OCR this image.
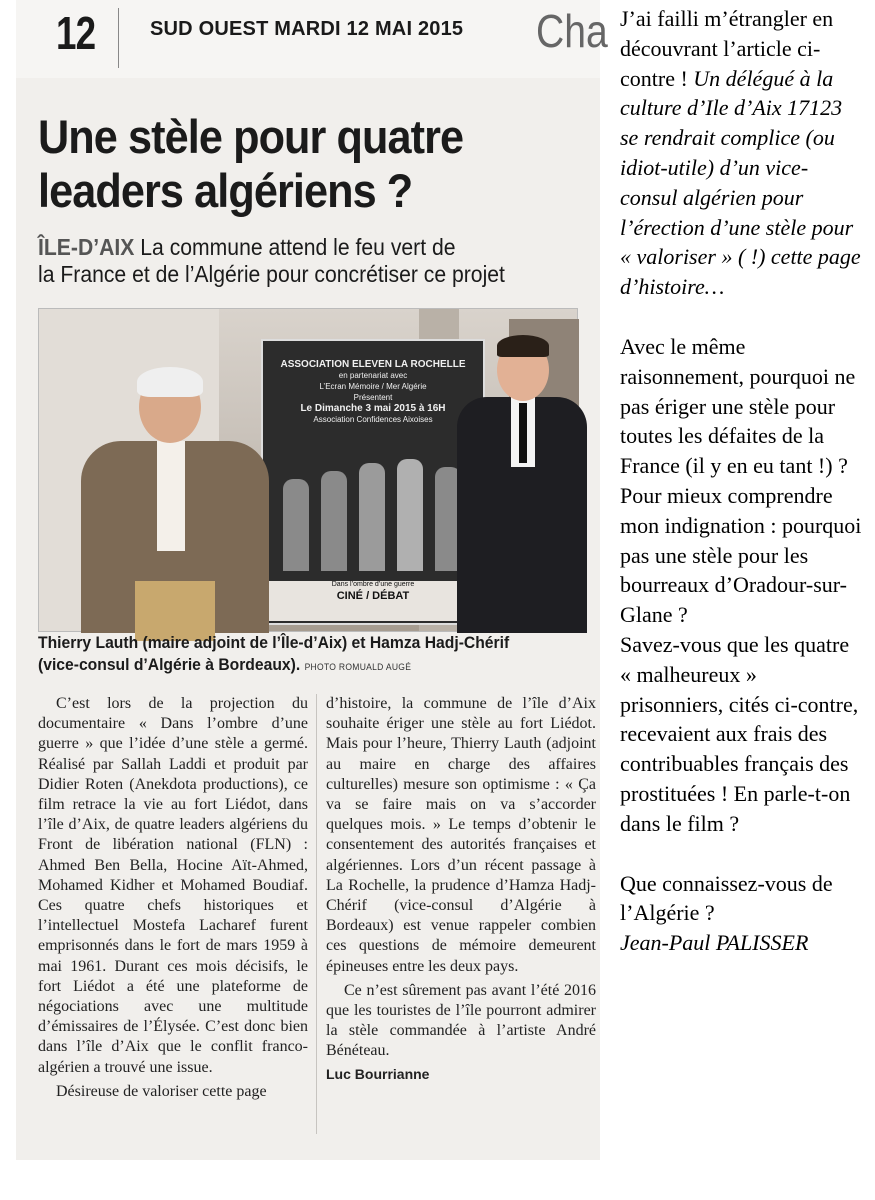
12	SUD OUEST MARDI 12 MAI 2015 Cha
Une stèle pour quatre
leaders algériens ?
ÎLE-D’AIX La commune attend le feu vert de
la France et de l’Algérie pour concrétiser ce projet
ASSOCIATION ELEVEN LA ROCHELLE
en partenariat avec
L’Ecran Mémoire / Mer Algérie
Présentent
Le Dimanche 3 mai 2015 à 16H
Association Confidences Aixoises
Dans l’ombre d’une guerre
CINÉ / DÉBAT
Thierry Lauth (maire adjoint de l’Île-d’Aix) et Hamza Hadj-Chérif
(vice-consul d’Algérie à Bordeaux). PHOTO ROMUALD AUGÉ

C’est lors de la projection du documentaire « Dans l’ombre d’une guerre » que l’idée d’une stèle a germé. Réalisé par Sallah Laddi et produit par Didier Roten (Anekdota productions), ce film retrace la vie au fort Liédot, dans l’île d’Aix, de quatre leaders algériens du Front de libération national (FLN) : Ahmed Ben Bella, Hocine Aït-Ahmed, Mohamed Kidher et Mohamed Boudiaf. Ces quatre chefs historiques et l’intellectuel Mostefa Lacharef furent emprisonnés dans le fort de mars 1959 à mai 1961. Durant ces mois décisifs, le fort Liédot a été une plateforme de négociations avec une multitude d’émissaires de l’Élysée. C’est donc bien dans l’île d’Aix que le conflit franco-algérien a trouvé une issue.

Désireuse de valoriser cette page

d’histoire, la commune de l’île d’Aix souhaite ériger une stèle au fort Liédot. Mais pour l’heure, Thierry Lauth (adjoint au maire en charge des affaires culturelles) mesure son optimisme : « Ça va se faire mais on va s’accorder quelques mois. » Le temps d’obtenir le consentement des autorités françaises et algériennes. Lors d’un récent passage à La Rochelle, la prudence d’Hamza Hadj-Chérif (vice-consul d’Algérie à Bordeaux) est venue rappeler combien ces questions de mémoire demeurent épineuses entre les deux pays.

Ce n’est sûrement pas avant l’été 2016 que les touristes de l’île pourront admirer la stèle commandée à l’artiste André Bénéteau.

Luc Bourrianne

J’ai failli m’étrangler en découvrant l’article ci-contre ! Un délégué à la culture d’Ile d’Aix 17123 se rendrait complice (ou idiot-utile) d’un vice-consul algérien pour l’érection d’une stèle pour « valoriser » ( !) cette page d’histoire…

Avec le même raisonnement, pourquoi ne pas ériger une stèle pour toutes les défaites de la France (il y en eu tant !) ?

Pour mieux comprendre mon indignation : pourquoi pas une stèle pour les bourreaux d’Oradour-sur-Glane ?

Savez-vous que les quatre « malheureux » prisonniers, cités ci-contre, recevaient aux frais des contribuables français des prostituées ! En parle-t-on dans le film ?

Que connaissez-vous de l’Algérie ?

Jean-Paul PALISSER
